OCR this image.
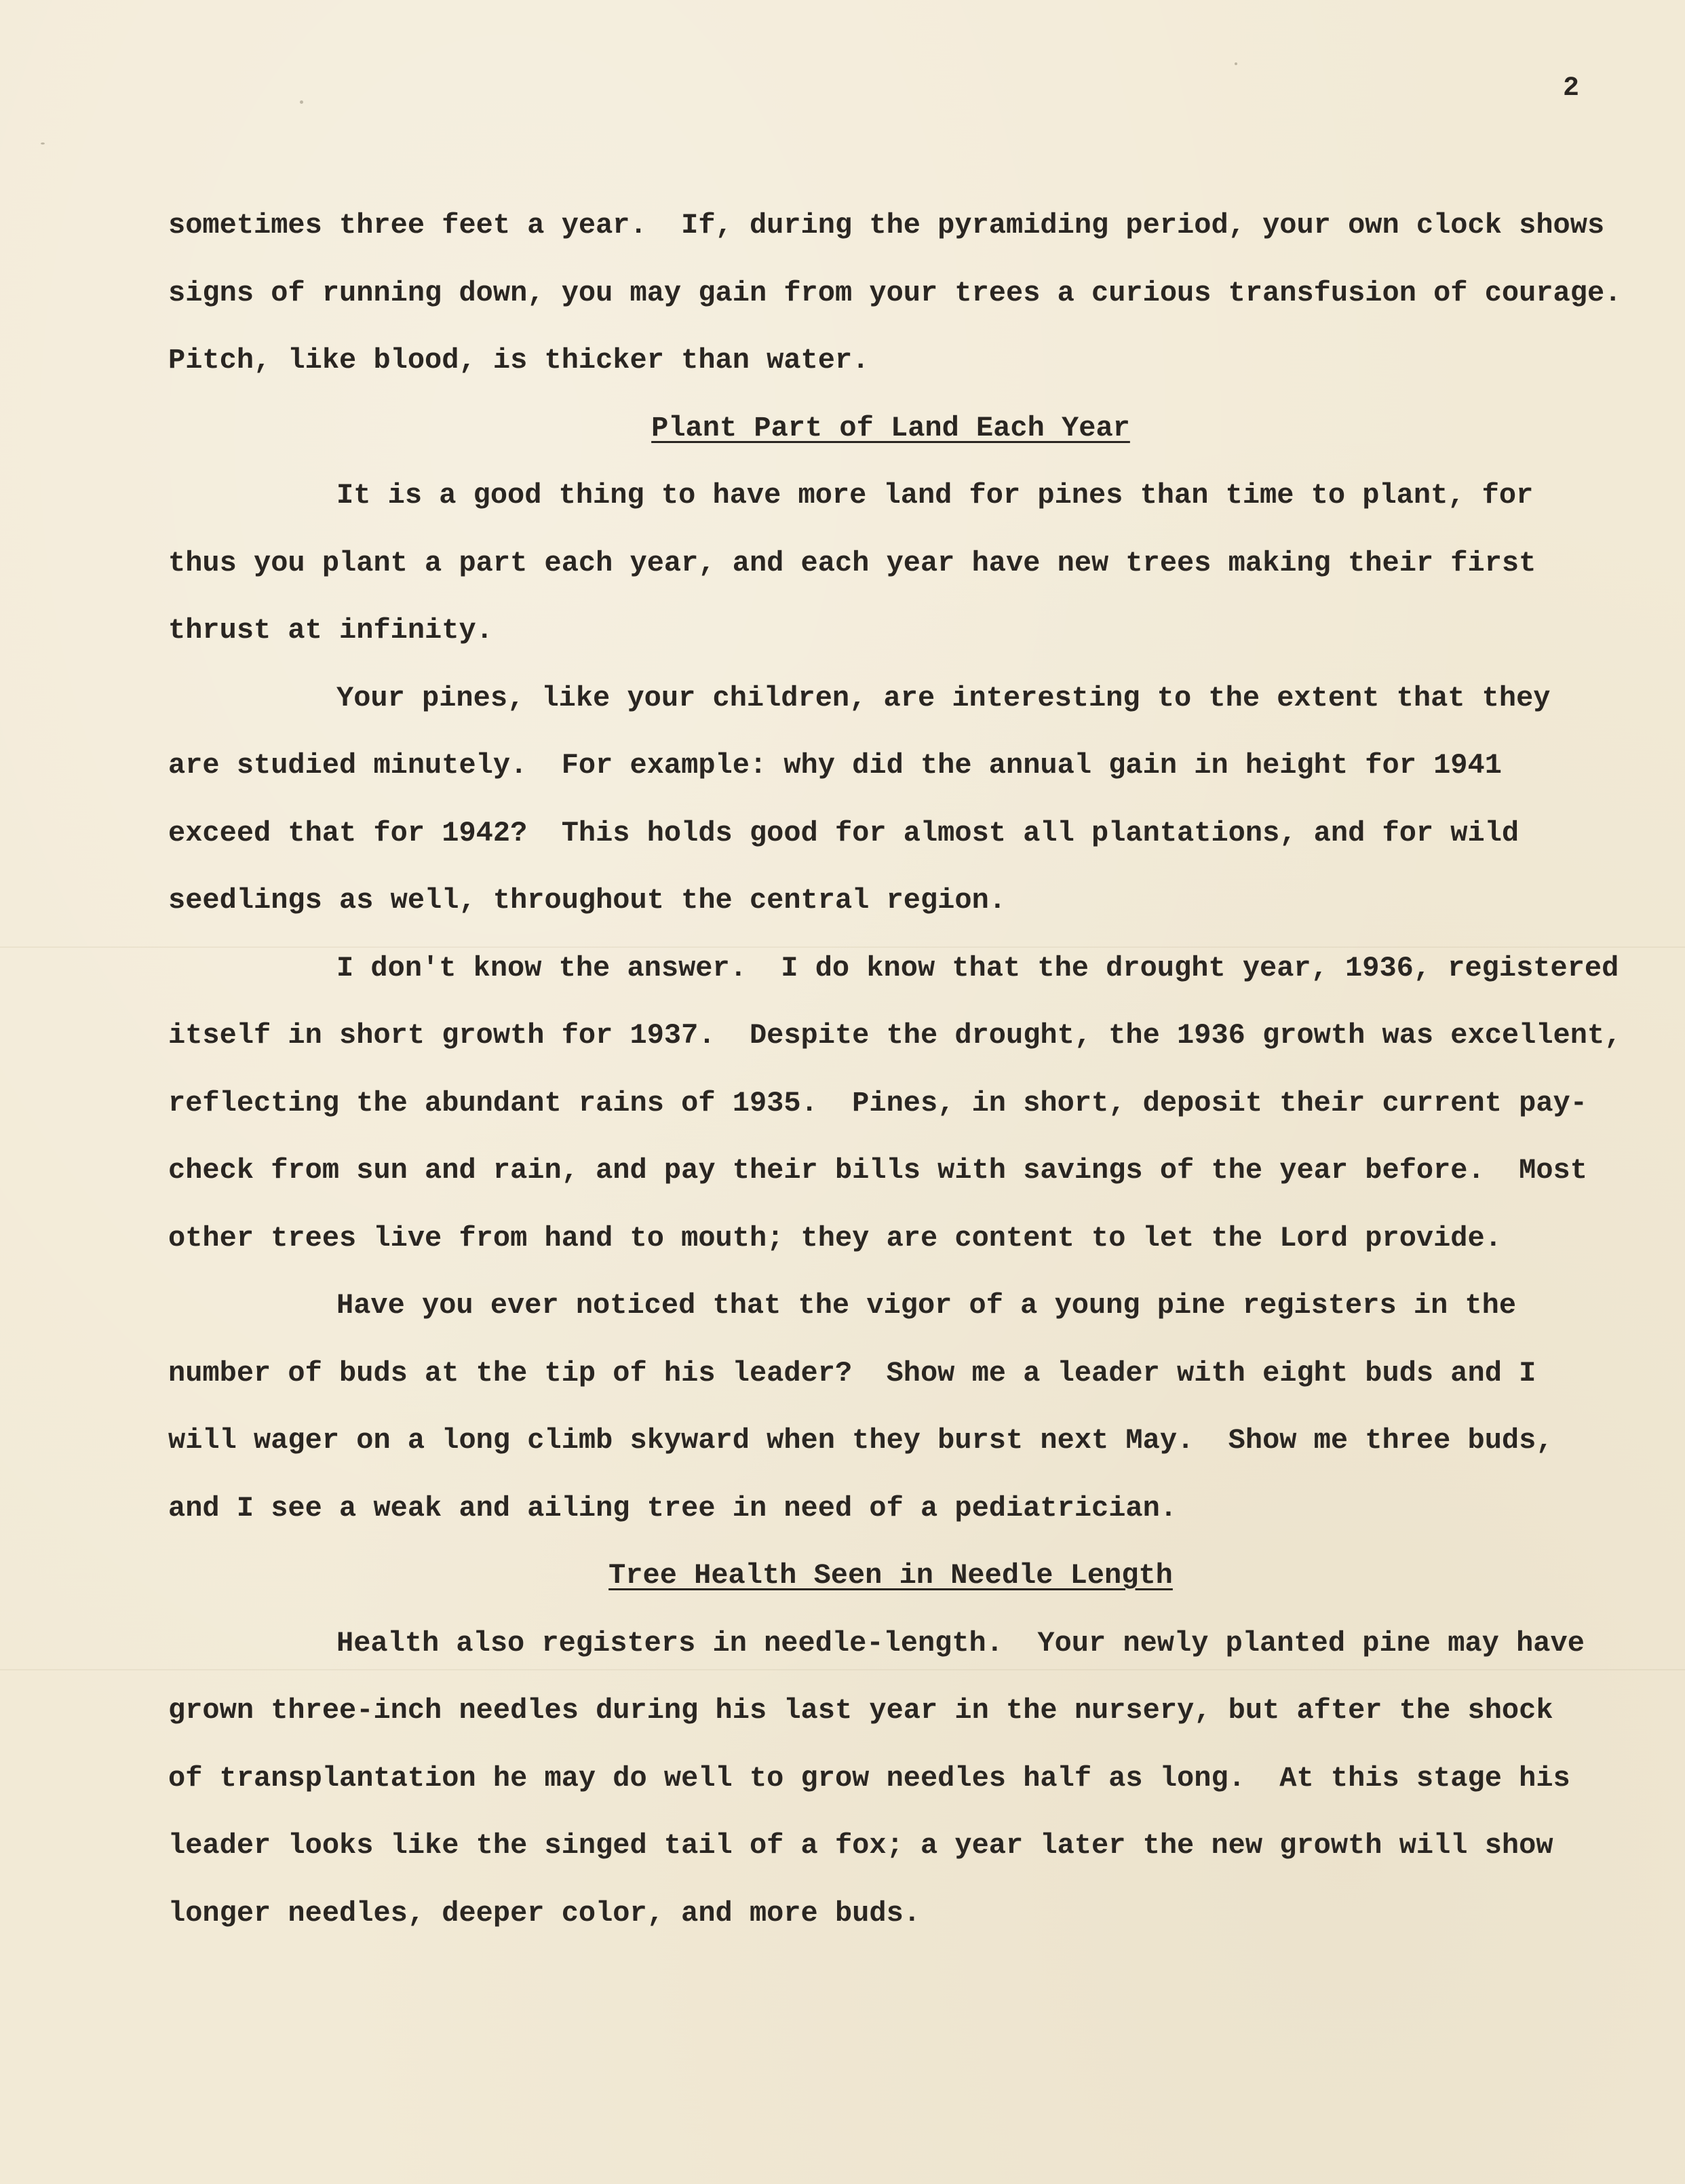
2
sometimes three feet a year.  If, during the pyramiding period, your own clock shows
signs of running down, you may gain from your trees a curious transfusion of courage.
Pitch, like blood, is thicker than water.
Plant Part of Land Each Year
It is a good thing to have more land for pines than time to plant, for
thus you plant a part each year, and each year have new trees making their first
thrust at infinity.
Your pines, like your children, are interesting to the extent that they
are studied minutely.  For example: why did the annual gain in height for 1941
exceed that for 1942?  This holds good for almost all plantations, and for wild
seedlings as well, throughout the central region.
I don't know the answer.  I do know that the drought year, 1936, registered
itself in short growth for 1937.  Despite the drought, the 1936 growth was excellent,
reflecting the abundant rains of 1935.  Pines, in short, deposit their current pay-
check from sun and rain, and pay their bills with savings of the year before.  Most
other trees live from hand to mouth; they are content to let the Lord provide.
Have you ever noticed that the vigor of a young pine registers in the
number of buds at the tip of his leader?  Show me a leader with eight buds and I
will wager on a long climb skyward when they burst next May.  Show me three buds,
and I see a weak and ailing tree in need of a pediatrician.
Tree Health Seen in Needle Length
Health also registers in needle-length.  Your newly planted pine may have
grown three-inch needles during his last year in the nursery, but after the shock
of transplantation he may do well to grow needles half as long.  At this stage his
leader looks like the singed tail of a fox; a year later the new growth will show
longer needles, deeper color, and more buds.
